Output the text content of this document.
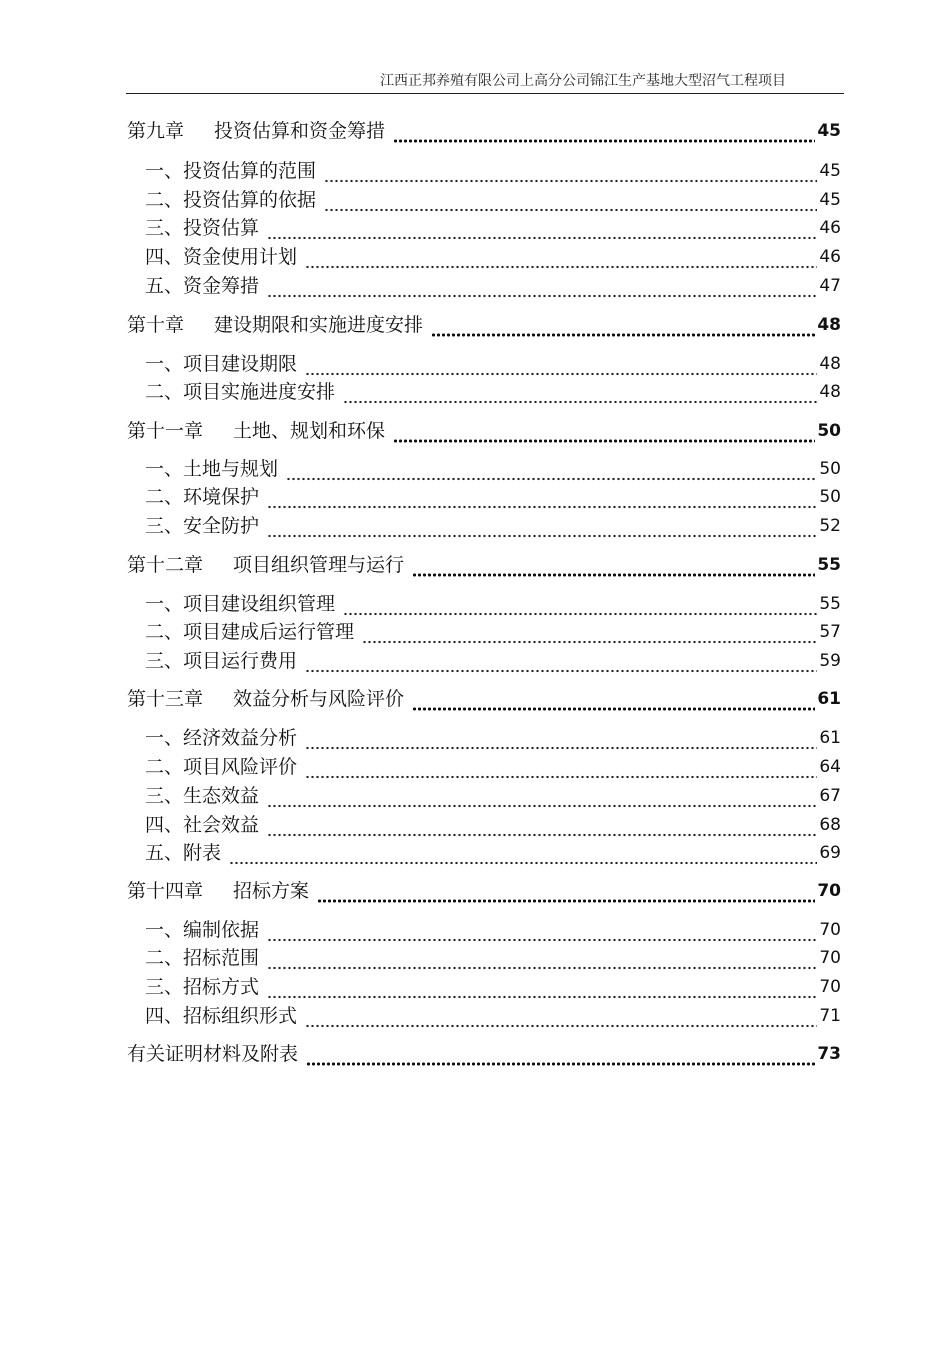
江西正邦养殖有限公司上高分公司锦江生产基地大型沼气工程项目
第九章 投资估算和资金筹措	45
一、投资估算的范围	45
二、投资估算的依据	45
三、投资估算	46
四、资金使用计划	46
五、资金筹措	47
第十章 建设期限和实施进度安排	48
一、项目建设期限	48
二、项目实施进度安排	48
第十一章 土地、规划和环保	50
一、土地与规划	50
二、环境保护	50
三、安全防护	52
第十二章 项目组织管理与运行	55
一、项目建设组织管理	55
二、项目建成后运行管理	57
三、项目运行费用	59
第十三章 效益分析与风险评价	61
一、经济效益分析	61
二、项目风险评价	64
三、生态效益	67
四、社会效益	68
五、附表	69
第十四章 招标方案	70
一、编制依据	70
二、招标范围	70
三、招标方式	70
四、招标组织形式	71
有关证明材料及附表	73
